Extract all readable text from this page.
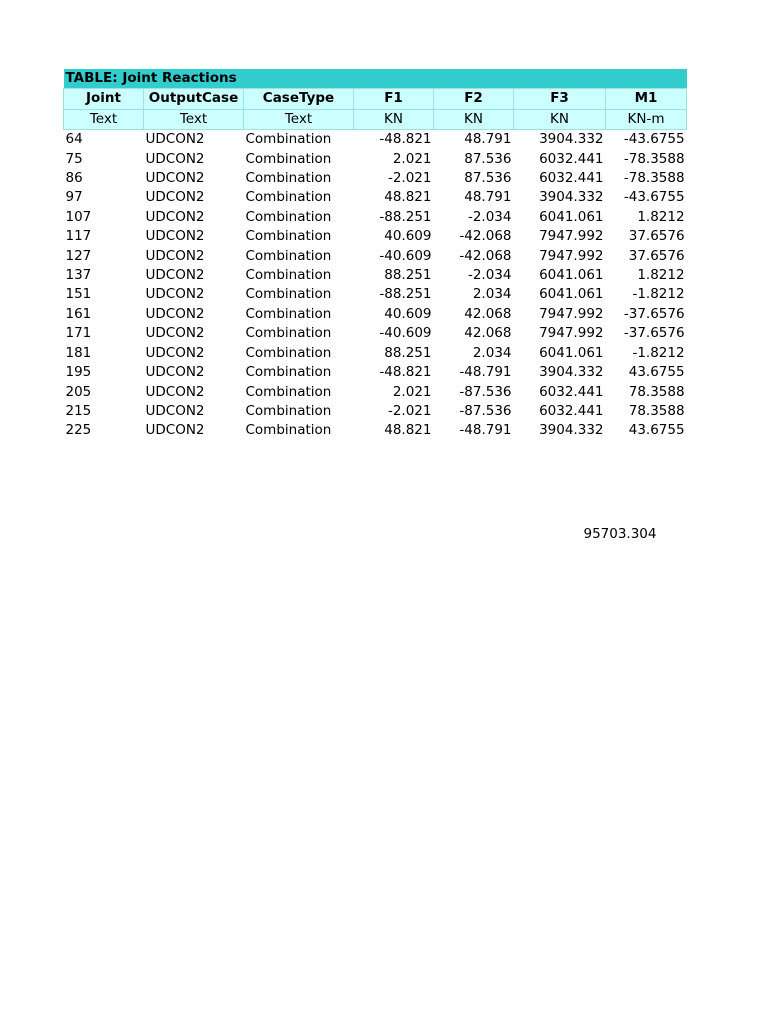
TABLE: Joint Reactions						
Joint	OutputCase	CaseType	F1	F2	F3	M1
Text	Text	Text	KN	KN	KN	KN-m
64	UDCON2	Combination	-48.821	48.791	3904.332	-43.6755
75	UDCON2	Combination	2.021	87.536	6032.441	-78.3588
86	UDCON2	Combination	-2.021	87.536	6032.441	-78.3588
97	UDCON2	Combination	48.821	48.791	3904.332	-43.6755
107	UDCON2	Combination	-88.251	-2.034	6041.061	1.8212
117	UDCON2	Combination	40.609	-42.068	7947.992	37.6576
127	UDCON2	Combination	-40.609	-42.068	7947.992	37.6576
137	UDCON2	Combination	88.251	-2.034	6041.061	1.8212
151	UDCON2	Combination	-88.251	2.034	6041.061	-1.8212
161	UDCON2	Combination	40.609	42.068	7947.992	-37.6576
171	UDCON2	Combination	-40.609	42.068	7947.992	-37.6576
181	UDCON2	Combination	88.251	2.034	6041.061	-1.8212
195	UDCON2	Combination	-48.821	-48.791	3904.332	43.6755
205	UDCON2	Combination	2.021	-87.536	6032.441	78.3588
215	UDCON2	Combination	-2.021	-87.536	6032.441	78.3588
225	UDCON2	Combination	48.821	-48.791	3904.332	43.6755
95703.304
